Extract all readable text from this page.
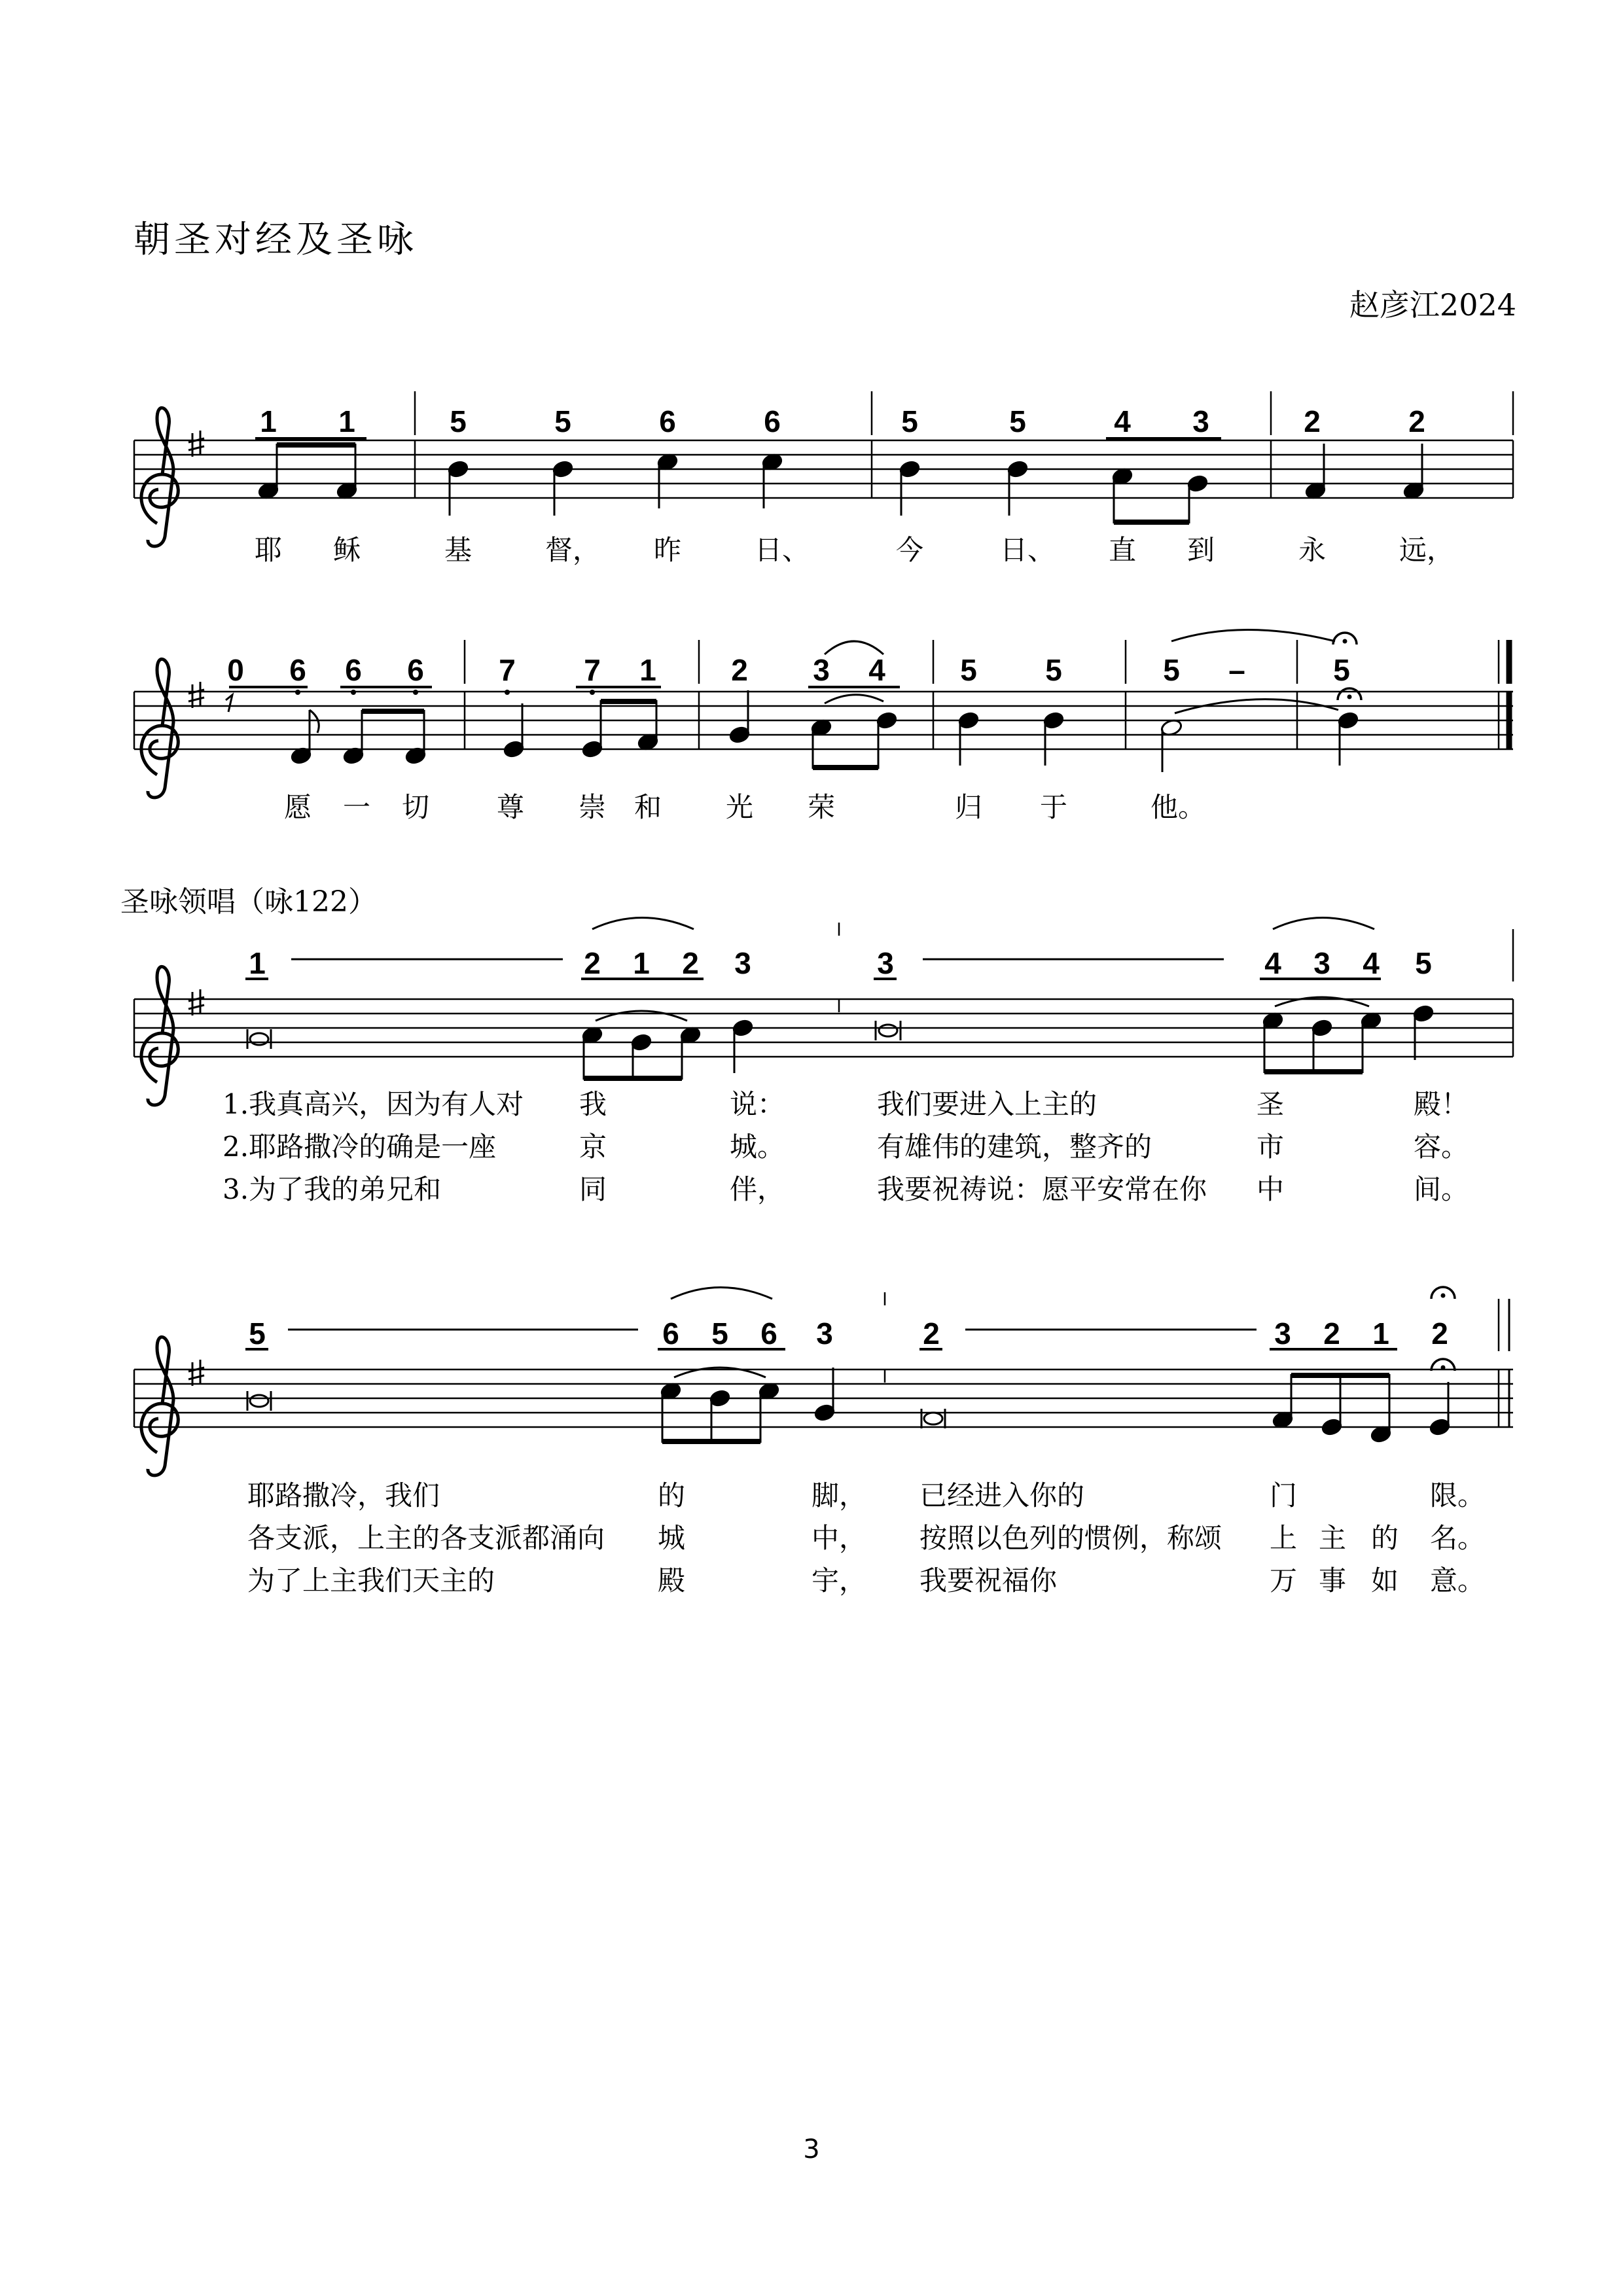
朝圣对经及圣咏
赵彦江2024
圣咏领唱（咏122）
3
1 1	5	5	6	6	5	5	4 3	2	2
耶 稣	基	督， 昨	日、	今	日、 直 到	永	远，
0 6 6 6 7 7 1 2 3 4 5 5	5 –	5
愿 一 切 尊 崇 和 光 荣	归 于	他。
1	2 1 2 3	3	4 3 4 5
1.我真高兴，因为有人对 我	说：	我们要进入上主的	圣	殿！
2.耶路撒冷的确是一座	京	城。	有雄伟的建筑，整齐的	市	容。
3.为了我的弟兄和	同	伴，	我要祝祷说：愿平安常在你 中	间。
5	6 5 6 3	2	3 2 1 2
耶路撒冷，我们	的	脚， 已经进入你的	门	限。
各支派，上主的各支派都涌向 城	中， 按照以色列的惯例，称颂 上 主 的 名。
为了上主我们天主的	殿	宇， 我要祝福你	万 事 如 意。
